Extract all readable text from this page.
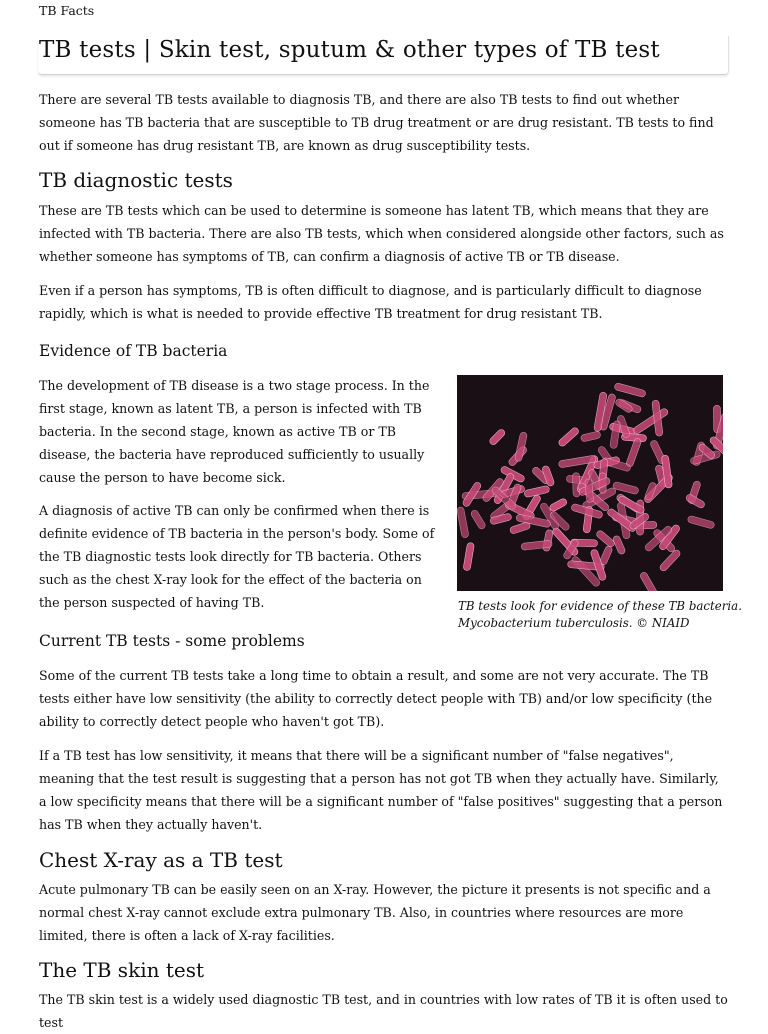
TB Facts
TB tests | Skin test, sputum & other types of TB test

There are several TB tests available to diagnosis TB, and there are also TB tests to find out whether someone has TB bacteria that are susceptible to TB drug treatment or are drug resistant. TB tests to find out if someone has drug resistant TB, are known as drug susceptibility tests.

TB diagnostic tests

These are TB tests which can be used to determine is someone has latent TB, which means that they are infected with TB bacteria. There are also TB tests, which when considered alongside other factors, such as whether someone has symptoms of TB, can confirm a diagnosis of active TB or TB disease.

Even if a person has symptoms, TB is often difficult to diagnose, and is particularly difficult to diagnose rapidly, which is what is needed to provide effective TB treatment for drug resistant TB.

Evidence of TB bacteria

The development of TB disease is a two stage process. In the first stage, known as latent TB, a person is infected with TB bacteria. In the second stage, known as active TB or TB disease, the bacteria have reproduced sufficiently to usually cause the person to have become sick.

A diagnosis of active TB can only be confirmed when there is definite evidence of TB bacteria in the person's body. Some of the TB diagnostic tests look directly for TB bacteria. Others such as the chest X-ray look for the effect of the bacteria on the person suspected of having TB.	TB tests look for evidence of these TB bacteria.
Mycobacterium tuberculosis. © NIAID
Current TB tests - some problems

Some of the current TB tests take a long time to obtain a result, and some are not very accurate. The TB tests either have low sensitivity (the ability to correctly detect people with TB) and/or low specificity (the ability to correctly detect people who haven't got TB).

If a TB test has low sensitivity, it means that there will be a significant number of "false negatives", meaning that the test result is suggesting that a person has not got TB when they actually have. Similarly, a low specificity means that there will be a significant number of "false positives" suggesting that a person has TB when they actually haven't.

Chest X-ray as a TB test

Acute pulmonary TB can be easily seen on an X-ray. However, the picture it presents is not specific and a normal chest X-ray cannot exclude extra pulmonary TB. Also, in countries where resources are more limited, there is often a lack of X-ray facilities.

The TB skin test

The TB skin test is a widely used diagnostic TB test, and in countries with low rates of TB it is often used to test
